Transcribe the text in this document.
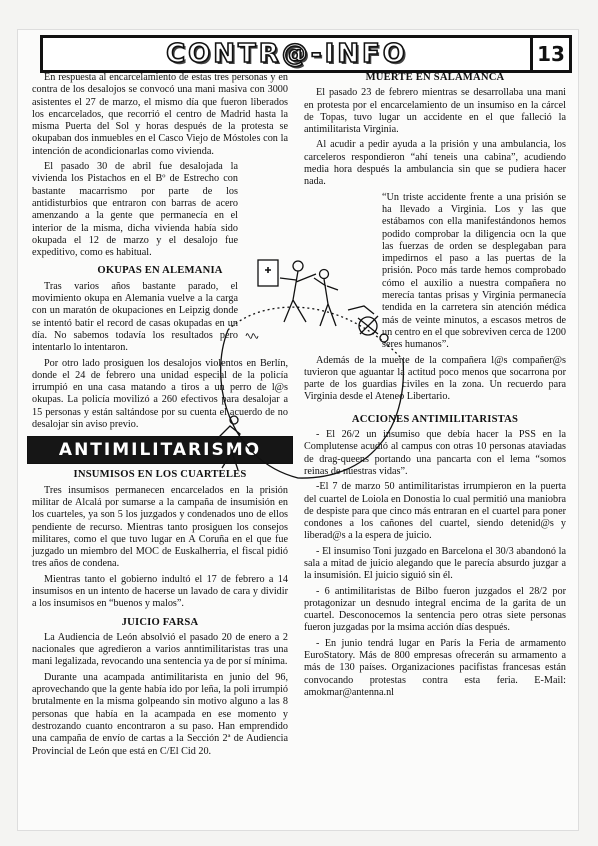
CONTR@-INFO	13

En respuesta al encarcelamiento de estas tres personas y en contra de los desalojos se convocó una mani masiva con 3000 asistentes el 27 de marzo, el mismo día que fueron liberados los encarcelados, que recorrió el centro de Madrid hasta la misma Puerta del Sol y horas después de la protesta se okupaban dos inmuebles en el Casco Viejo de Móstoles con la intención de acondicionarlas como vivienda.

El pasado 30 de abril fue desalojada la vivienda los Pistachos en el Bº de Estrecho con bastante macarrismo por parte de los antidisturbios que entraron con barras de acero amenzando a la gente que permanecía en el interior de la misma, dicha vivienda había sido okupada el 12 de marzo y el desalojo fue expeditivo, como es habitual.

OKUPAS EN ALEMANIA

Tras varios años bastante parado, el movimiento okupa en Alemania vuelve a la carga con un maratón de okupaciones en Leipzig donde se intentó batir el record de casas okupadas en un día. No sabemos todavía los resultados pero intentarlo lo intentaron.

Por otro lado prosiguen los desalojos violentos en Berlín, donde el 24 de febrero una unidad especial de la policía irrumpió en una casa matando a tiros a un perro de l@s okupas. La policía movilizó a 260 efectivos para desalojar a 15 personas y están saltándose por su cuenta el acuerdo de no desalojar sin aviso previo.

ANTIMILITARISMO
INSUMISOS EN LOS CUARTELES

Tres insumisos permanecen encarcelados en la prisión militar de Alcalá por sumarse a la campaña de insumisión en los cuarteles, ya son 5 los juzgados y condenados uno de ellos pendiente de recurso. Mientras tanto prosiguen los consejos militares, como el que tuvo lugar en A Coruña en el que fue juzgado un miembro del MOC de Euskalherria, el fiscal pidió tres años de condena.

Mientras tanto el gobierno indultó el 17 de febrero a 14 insumisos en un intento de hacerse un lavado de cara y dividir a los insumisos en “buenos y malos”.

JUICIO FARSA

La Audiencia de León absolvió el pasado 20 de enero a 2 nacionales que agredieron a varios anntimilitaristas tras una mani legalizada, revocando una sentencia ya de por sí mínima.

Durante una acampada antimilitarista en junio del 96, aprovechando que la gente había ido por leña, la poli irrumpió brutalmente en la misma golpeando sin motivo alguno a las 8 personas que había en la acampada en ese momento y destrozando cuanto encontraron a su paso. Han emprendido una campaña de envío de cartas a la Sección 2ª de Audiencia Provincial de León que está en C/El Cid 20.

MUERTE EN SALAMANCA

El pasado 23 de febrero mientras se desarrollaba una mani en protesta por el encarcelamiento de un insumiso en la cárcel de Topas, tuvo lugar un accidente en el que falleció la antimilitarista Virginia.

Al acudir a pedir ayuda a la prisión y una ambulancia, los carceleros respondieron “ahí teneis una cabina”, acudiendo media hora después la ambulancia sin que se pudiera hacer nada.

“Un triste accidente frente a una prisión se ha llevado a Virginia. Los y las que estábamos con ella manifestándonos hemos podido comprobar la diligencia ocn la que las fuerzas de orden se desplegaban para impedirnos el paso a las puertas de la prisión. Poco más tarde hemos comprobado cómo el auxilio a nuestra compañera no merecía tantas prisas y Virginia permanecía tendida en la carretera sin atención médica más de veinte minutos, a escasos metros de un centro en el que sobreviven cerca de 1200 seres humanos”.

Además de la muerte de la compañera l@s compañer@s tuvieron que aguantar la actitud poco menos que socarrona por parte de los guardias civiles en la zona. Un recuerdo para Virginia desde el Ateneo Libertario.

ACCIONES ANTIMILITARISTAS

- El 26/2 un insumiso que debía hacer la PSS en la Complutense acudió al campus con otras 10 personas ataviadas de drag-queens portando una pancarta con el lema “somos reinas de nuestras vidas”.

-El 7 de marzo 50 antimilitaristas irrumpieron en la puerta del cuartel de Loiola en Donostia lo cual permitió una maniobra de despiste para que cinco más entraran en el cuartel para poner condones a los cañones del cuartel, siendo detenid@s y liberad@s a la espera de juicio.

- El insumiso Toni juzgado en Barcelona el 30/3 abandonó la sala a mitad de juicio alegando que le parecía absurdo juzgar a la insumisión. El juicio siguió sin él.

- 6 antimilitaristas de Bilbo fueron juzgados el 28/2 por protagonizar un desnudo integral encima de la garita de un cuartel. Desconocemos la sentencia pero otras siete personas fueron juzgadas por la msima acción días después.

- En junio tendrá lugar en París la Feria de armamento EuroStatory. Más de 800 empresas ofrecerán su armamento a más de 130 países. Organizaciones pacifistas francesas están convocando protestas contra esta feria. E-Mail: amokmar@antenna.nl
